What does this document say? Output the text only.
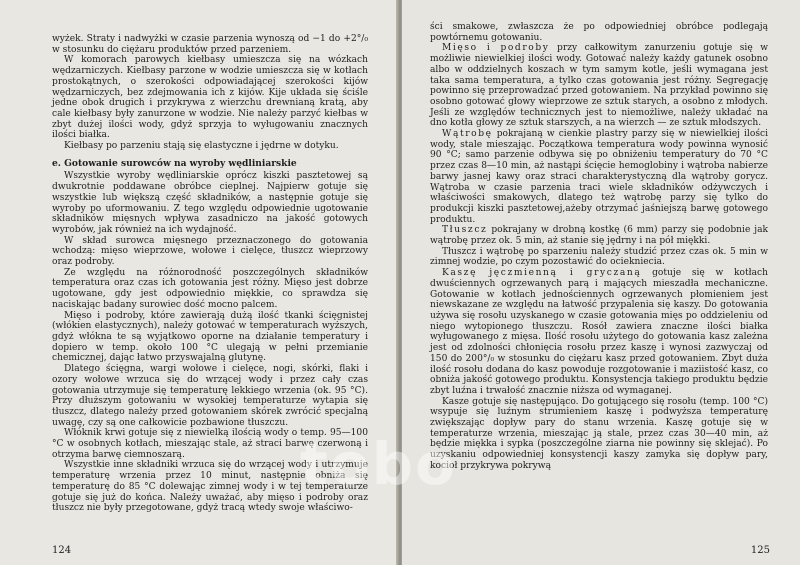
wyżek. Straty i nadwyżki w czasie parzenia wynoszą od −1 do +2°/₀ w stosunku do ciężaru produktów przed parzeniem.

W komorach parowych kiełbasy umieszcza się na wózkach wędzarniczych. Kiełbasy parzone w wodzie umieszcza się w kotłach prostokątnych, o szerokości odpowiadającej szerokości kijów wędzarniczych, bez zdejmowania ich z kijów. Kije układa się ściśle jedne obok drugich i przykrywa z wierzchu drewnianą kratą, aby cale kiełbasy były zanurzone w wodzie. Nie należy parzyć kiełbas w zbyt dużej ilości wody, gdyż sprzyja to wyługowaniu znacznych ilości białka.

Kiełbasy po parzeniu stają się elastyczne i jędrne w dotyku.

e. Gotowanie surowców na wyroby wędliniarskie

Wszystkie wyroby wędliniarskie oprócz kiszki pasztetowej są dwukrotnie poddawane obróbce cieplnej. Najpierw gotuje się wszystkie lub większą część składników, a następnie gotuje się wyroby po uformowaniu. Z tego względu odpowiednie ugotowanie składników mięsnych wpływa zasadniczo na jakość gotowych wyrobów, jak również na ich wydajność.

W skład surowca mięsnego przeznaczonego do gotowania wchodzą: mięso wieprzowe, wołowe i cielęce, tłuszcz wieprzowy oraz podroby.

Ze względu na różnorodność poszczególnych składników temperatura oraz czas ich gotowania jest różny. Mięso jest dobrze ugotowane, gdy jest odpowiednio miękkie, co sprawdza się naciskając badany surowiec dość mocno palcem.

Mięso i podroby, które zawierają dużą ilość tkanki ścięgnistej (włókien elastycznych), należy gotować w temperaturach wyższych, gdyż włókna te są wyjątkowo oporne na działanie temperatury i dopiero w temp. około 100 °C ulegają w pełni przemianie chemicznej, dając łatwo przyswajalną glutynę.

Dlatego ścięgna, wargi wołowe i cielęce, nogi, skórki, flaki i ozory wołowe wrzuca się do wrzącej wody i przez cały czas gotowania utrzymuje się temperaturę lekkiego wrzenia (ok. 95 °C). Przy dłuższym gotowaniu w wysokiej temperaturze wytapia się tłuszcz, dlatego należy przed gotowaniem skórek zwrócić specjalną uwagę, czy są one całkowicie pozbawione tłuszczu.

Włóknik krwi gotuje się z niewielką ilością wody o temp. 95—100 °C w osobnych kotłach, mieszając stale, aż straci barwę czerwoną i otrzyma barwę ciemnoszarą.

Wszystkie inne składniki wrzuca się do wrzącej wody i utrzymuje temperaturę wrzenia przez 10 minut, następnie obniża się temperaturę do 85 °C dolewając zimnej wody i w tej temperaturze gotuje się już do końca. Należy uważać, aby mięso i podroby oraz tłuszcz nie były przegotowane, gdyż tracą wtedy swoje właściwo-

124

ści smakowe, zwłaszcza że po odpowiedniej obróbce podlegają powtórnemu gotowaniu.

Mięso i podroby przy całkowitym zanurzeniu gotuje się w możliwie niewielkiej ilości wody. Gotować należy każdy gatunek osobno albo w oddzielnych koszach w tym samym kotle, jeśli wymagana jest taka sama temperatura, a tylko czas gotowania jest różny. Segregację powinno się przeprowadzać przed gotowaniem. Na przykład powinno się osobno gotować głowy wieprzowe ze sztuk starych, a osobno z młodych. Jeśli ze względów technicznych jest to niemożliwe, należy układać na dno kotła głowy ze sztuk starszych, a na wierzch — ze sztuk młodszych.

Wątrobę pokrajaną w cienkie plastry parzy się w niewielkiej ilości wody, stale mieszając. Początkowa temperatura wody powinna wynosić 90 °C; samo parzenie odbywa się po obniżeniu temperatury do 70 °C przez czas 8—10 min, aż nastąpi ścięcie hemoglobiny i wątroba nabierze barwy jasnej kawy oraz straci charakterystyczną dla wątroby gorycz. Wątroba w czasie parzenia traci wiele składników odżywczych i właściwości smakowych, dlatego też wątrobę parzy się tylko do produkcji kiszki pasztetowej,ażeby otrzymać jaśniejszą barwę gotowego produktu.

Tłuszcz pokrajany w drobną kostkę (6 mm) parzy się podobnie jak wątrobę przez ok. 5 min, aż stanie się jędrny i na pół miękki.

Tłuszcz i wątrobę po sparzeniu należy studzić przez czas ok. 5 min w zimnej wodzie, po czym pozostawić do ociekniecia.

Kaszę jęczmienną i gryczaną gotuje się w kotłach dwuściennych ogrzewanych parą i mających mieszadła mechaniczne. Gotowanie w kotłach jednościennych ogrzewanych płomieniem jest niewskazane ze względu na łatwość przypalenia się kaszy. Do gotowania używa się rosołu uzyskanego w czasie gotowania mięs po oddzieleniu od niego wytopionego tłuszczu. Rosół zawiera znaczne ilości białka wyługowanego z mięsa. Ilość rosołu użytego do gotowania kasz zależna jest od zdolności chłonięcia rosołu przez kaszę i wynosi zazwyczaj od 150 do 200°/₀ w stosunku do ciężaru kasz przed gotowaniem. Zbyt duża ilość rosołu dodana do kasz powoduje rozgotowanie i maziistość kasz, co obniża jakość gotowego produktu. Konsystencja takiego produktu będzie zbyt luźna i trwałość znacznie niższa od wymaganej.

Kasze gotuje się następująco. Do gotującego się rosołu (temp. 100 °C) wsypuje się luźnym strumieniem kaszę i podwyższa temperaturę zwiększając dopływ pary do stanu wrzenia. Kaszę gotuje się w temperaturze wrzenia, mieszając ją stale, przez czas 30—40 min, aż będzie miękka i sypka (poszczególne ziarna nie powinny się sklejać). Po uzyskaniu odpowiedniej konsystencji kaszy zamyka się dopływ pary, kocioł przykrywa pokrywą

125
tobo
